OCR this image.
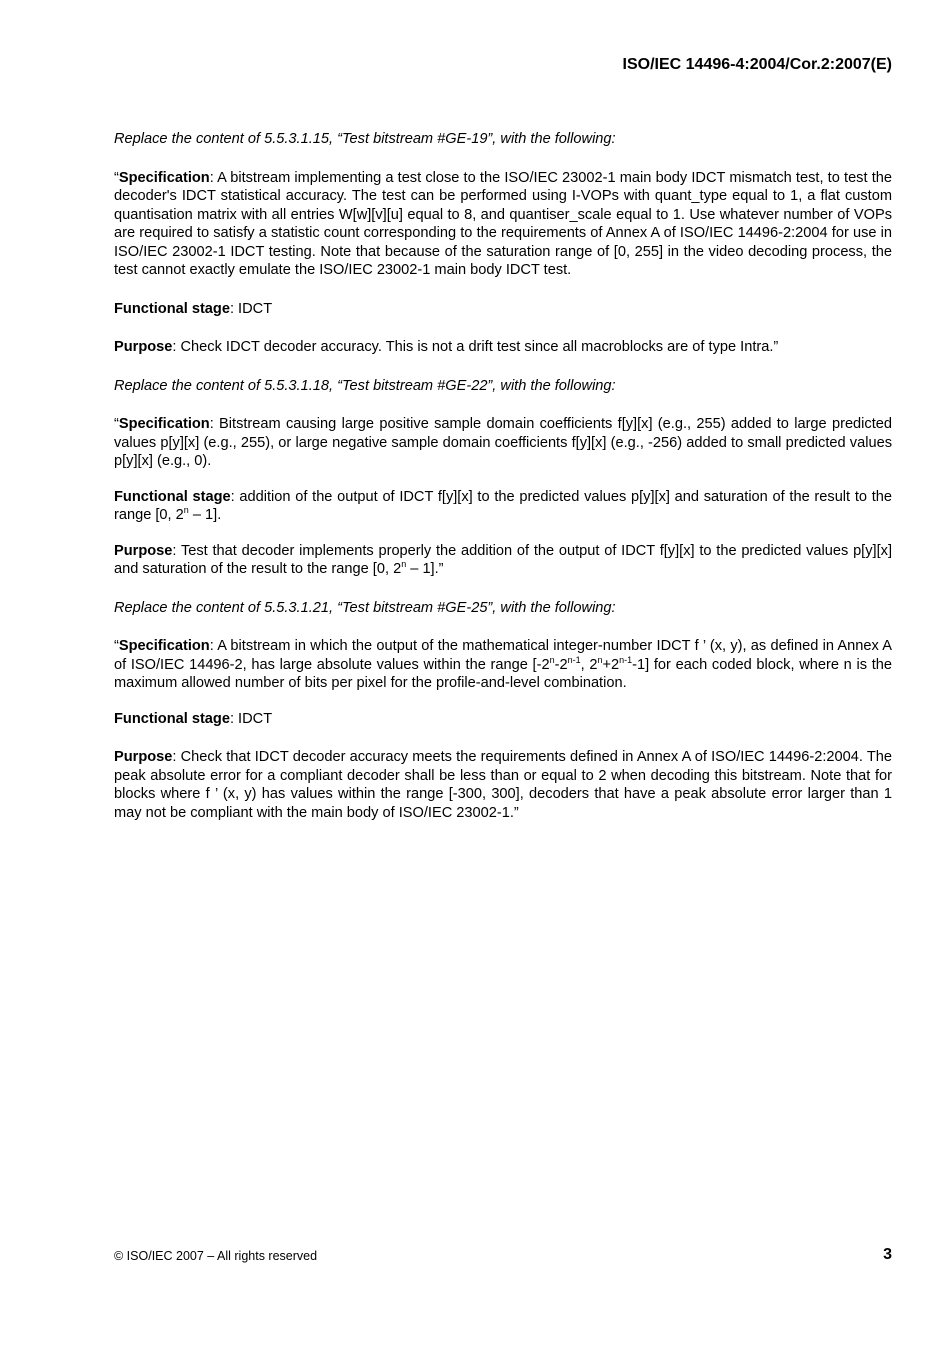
ISO/IEC 14496-4:2004/Cor.2:2007(E)

Replace the content of 5.5.3.1.15, “Test bitstream #GE-19”, with the following:

“Specification: A bitstream implementing a test close to the ISO/IEC 23002-1 main body IDCT mismatch test, to test the decoder's IDCT statistical accuracy. The test can be performed using I-VOPs with quant_type equal to 1, a flat custom quantisation matrix with all entries W[w][v][u] equal to 8, and quantiser_scale equal to 1. Use whatever number of VOPs are required to satisfy a statistic count corresponding to the requirements of Annex A of ISO/IEC 14496-2:2004 for use in ISO/IEC 23002-1 IDCT testing. Note that because of the saturation range of [0, 255] in the video decoding process, the test cannot exactly emulate the ISO/IEC 23002-1 main body IDCT test.

Functional stage: IDCT

Purpose: Check IDCT decoder accuracy. This is not a drift test since all macroblocks are of type Intra.”

Replace the content of 5.5.3.1.18, “Test bitstream #GE-22”, with the following:

“Specification: Bitstream causing large positive sample domain coefficients f[y][x] (e.g., 255) added to large predicted values p[y][x] (e.g., 255), or large negative sample domain coefficients f[y][x] (e.g., -256) added to small predicted values p[y][x] (e.g., 0).

Functional stage: addition of the output of IDCT f[y][x] to the predicted values p[y][x] and saturation of the result to the range [0, 2$^n$ – 1].

Purpose: Test that decoder implements properly the addition of the output of IDCT f[y][x] to the predicted values p[y][x] and saturation of the result to the range [0, 2$^n$ – 1].”

Replace the content of 5.5.3.1.21, “Test bitstream #GE-25”, with the following:

“Specification: A bitstream in which the output of the mathematical integer-number IDCT f ’ (x, y), as defined in Annex A of ISO/IEC 14496-2, has large absolute values within the range [-2$^n$-2$^{n-1}$, $2^n+2^{n-1}-1$] for each coded block, where n is the maximum allowed number of bits per pixel for the profile-and-level combination.

Functional stage: IDCT

Purpose: Check that IDCT decoder accuracy meets the requirements defined in Annex A of ISO/IEC 14496-2:2004. The peak absolute error for a compliant decoder shall be less than or equal to 2 when decoding this bitstream. Note that for blocks where f ’ (x, y) has values within the range [-300, 300], decoders that have a peak absolute error larger than 1 may not be compliant with the main body of ISO/IEC 23002-1.”

© ISO/IEC 2007 – All rights reserved	3
